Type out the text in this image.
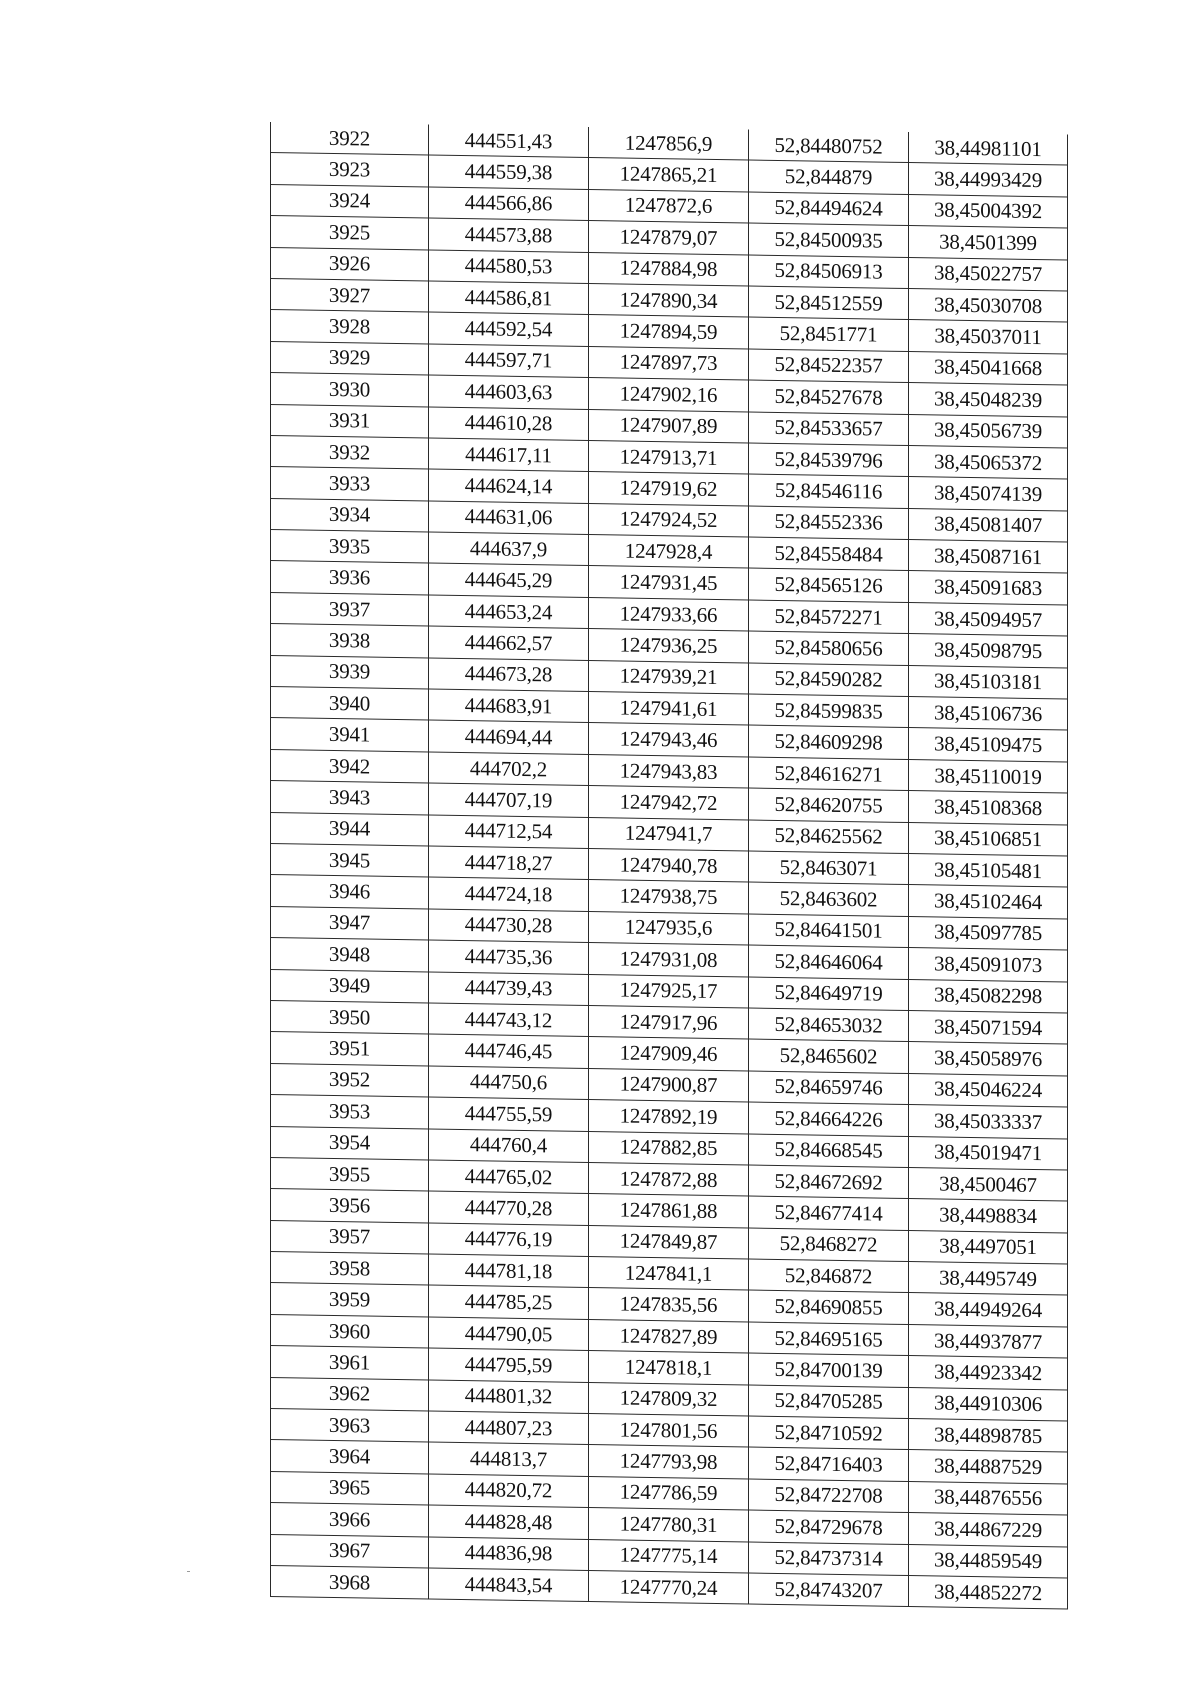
3922	444551,43	1247856,9	52,84480752	38,44981101
3923	444559,38	1247865,21	52,844879	38,44993429
3924	444566,86	1247872,6	52,84494624	38,45004392
3925	444573,88	1247879,07	52,84500935	38,4501399
3926	444580,53	1247884,98	52,84506913	38,45022757
3927	444586,81	1247890,34	52,84512559	38,45030708
3928	444592,54	1247894,59	52,8451771	38,45037011
3929	444597,71	1247897,73	52,84522357	38,45041668
3930	444603,63	1247902,16	52,84527678	38,45048239
3931	444610,28	1247907,89	52,84533657	38,45056739
3932	444617,11	1247913,71	52,84539796	38,45065372
3933	444624,14	1247919,62	52,84546116	38,45074139
3934	444631,06	1247924,52	52,84552336	38,45081407
3935	444637,9	1247928,4	52,84558484	38,45087161
3936	444645,29	1247931,45	52,84565126	38,45091683
3937	444653,24	1247933,66	52,84572271	38,45094957
3938	444662,57	1247936,25	52,84580656	38,45098795
3939	444673,28	1247939,21	52,84590282	38,45103181
3940	444683,91	1247941,61	52,84599835	38,45106736
3941	444694,44	1247943,46	52,84609298	38,45109475
3942	444702,2	1247943,83	52,84616271	38,45110019
3943	444707,19	1247942,72	52,84620755	38,45108368
3944	444712,54	1247941,7	52,84625562	38,45106851
3945	444718,27	1247940,78	52,8463071	38,45105481
3946	444724,18	1247938,75	52,8463602	38,45102464
3947	444730,28	1247935,6	52,84641501	38,45097785
3948	444735,36	1247931,08	52,84646064	38,45091073
3949	444739,43	1247925,17	52,84649719	38,45082298
3950	444743,12	1247917,96	52,84653032	38,45071594
3951	444746,45	1247909,46	52,8465602	38,45058976
3952	444750,6	1247900,87	52,84659746	38,45046224
3953	444755,59	1247892,19	52,84664226	38,45033337
3954	444760,4	1247882,85	52,84668545	38,45019471
3955	444765,02	1247872,88	52,84672692	38,4500467
3956	444770,28	1247861,88	52,84677414	38,4498834
3957	444776,19	1247849,87	52,8468272	38,4497051
3958	444781,18	1247841,1	52,846872	38,4495749
3959	444785,25	1247835,56	52,84690855	38,44949264
3960	444790,05	1247827,89	52,84695165	38,44937877
3961	444795,59	1247818,1	52,84700139	38,44923342
3962	444801,32	1247809,32	52,84705285	38,44910306
3963	444807,23	1247801,56	52,84710592	38,44898785
3964	444813,7	1247793,98	52,84716403	38,44887529
3965	444820,72	1247786,59	52,84722708	38,44876556
3966	444828,48	1247780,31	52,84729678	38,44867229
3967	444836,98	1247775,14	52,84737314	38,44859549
3968	444843,54	1247770,24	52,84743207	38,44852272
